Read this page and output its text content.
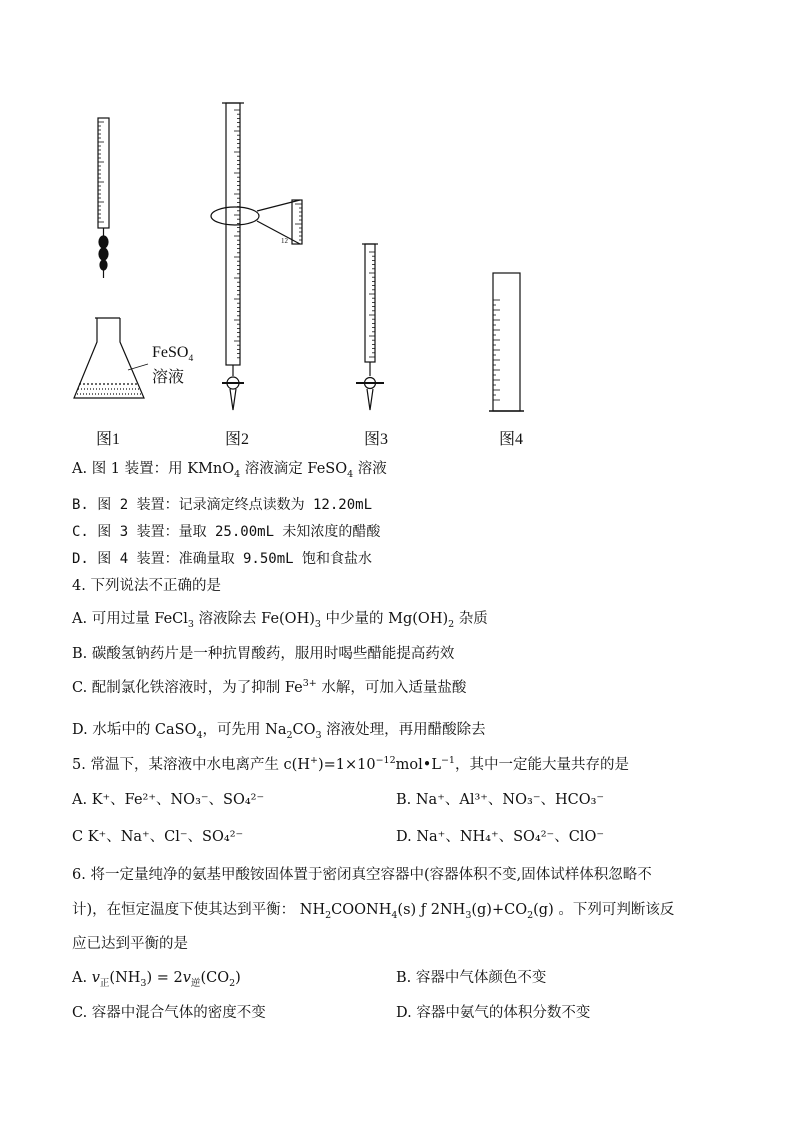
FeSO$_4$
溶液
12
图1	图2	图3	图4
A. 图 1 装置：用 KMnO$_4$ 溶液滴定 FeSO$_4$ 溶液
B. 图 2 装置：记录滴定终点读数为 12.20mL
C. 图 3 装置：量取 25.00mL 未知浓度的醋酸
D. 图 4 装置：准确量取 9.50mL 饱和食盐水
4. 下列说法不正确的是
A. 可用过量 FeCl$_3$ 溶液除去 $Fe(OH)_3$ 中少量的 $Mg(OH)_2$ 杂质
B. 碳酸氢钠药片是一种抗胃酸药，服用时喝些醋能提高药效
C. 配制氯化铁溶液时，为了抑制 $Fe^{3+}$ 水解，可加入适量盐酸
D. 水垢中的 CaSO$_4$，可先用 $Na_2CO_3$ 溶液处理，再用醋酸除去
5. 常温下，某溶液中水电离产生 $c(H^+)=1\times 10^{-12}mol•L^{-1}$，其中一定能大量共存的是
A. K⁺、Fe²⁺、NO₃⁻、SO₄²⁻	B. Na⁺、Al³⁺、NO₃⁻、HCO₃⁻
C K⁺、Na⁺、Cl⁻、SO₄²⁻	D. Na⁺、NH₄⁺、SO₄²⁻、ClO⁻
6. 将一定量纯净的氨基甲酸铵固体置于密闭真空容器中(容器体积不变,固体试样体积忽略不
计)，在恒定温度下使其达到平衡： $NH_2COONH_4(s)$ ƒ $2NH_3(g)+CO_2(g)$ 。下列可判断该反
应已达到平衡的是
A. $v_正(NH_3) = 2v_逆(CO_2)$	B. 容器中气体颜色不变
C. 容器中混合气体的密度不变	D. 容器中氨气的体积分数不变
